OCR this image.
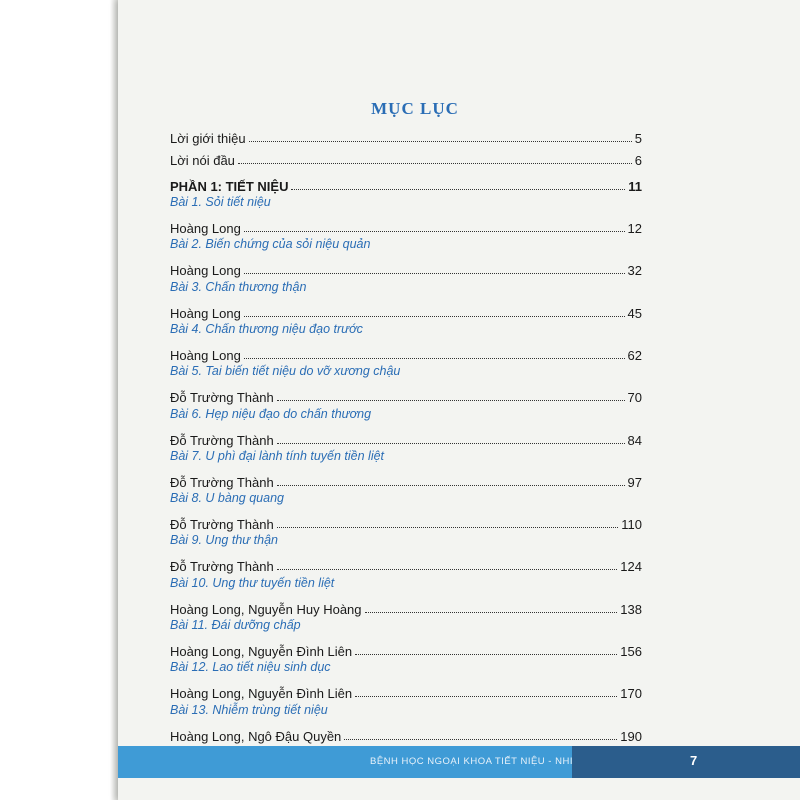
MỤC LỤC
Lời giới thiệu	5
Lời nói đầu	6
PHẦN 1: TIẾT NIỆU	11
Bài 1. Sỏi tiết niệu
Hoàng Long	12
Bài 2. Biến chứng của sỏi niệu quản
Hoàng Long	32
Bài 3. Chấn thương thận
Hoàng Long	45
Bài 4. Chấn thương niệu đạo trước
Hoàng Long	62
Bài 5. Tai biến tiết niệu do vỡ xương chậu
Đỗ Trường Thành	70
Bài 6. Hẹp niệu đạo do chấn thương
Đỗ Trường Thành	84
Bài 7. U phì đại lành tính tuyến tiền liệt
Đỗ Trường Thành	97
Bài 8. U bàng quang
Đỗ Trường Thành	110
Bài 9. Ung thư thận
Đỗ Trường Thành	124
Bài 10. Ung thư tuyến tiền liệt
Hoàng Long, Nguyễn Huy Hoàng	138
Bài 11. Đái dưỡng chấp
Hoàng Long, Nguyễn Đình Liên	156
Bài 12. Lao tiết niệu sinh dục
Hoàng Long, Nguyễn Đình Liên	170
Bài 13. Nhiễm trùng tiết niệu
Hoàng Long, Ngô Đậu Quyền	190
BỆNH HỌC NGOẠI KHOA TIẾT NIỆU - NHI	7
